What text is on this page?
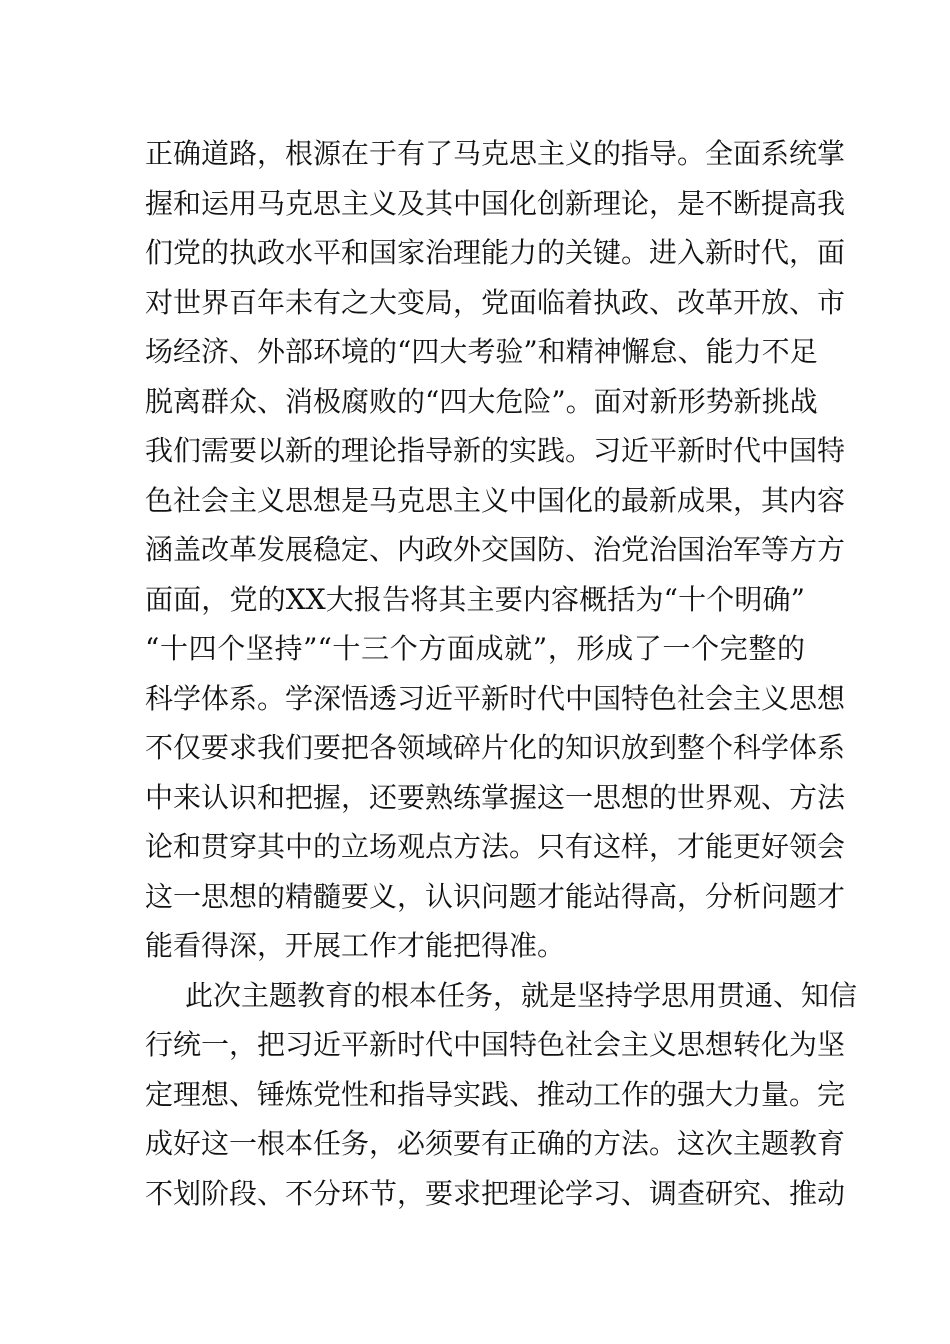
正确道路，根源在于有了马克思主义的指导。全面系统掌
握和运用马克思主义及其中国化创新理论，是不断提高我
们党的执政水平和国家治理能力的关键。进入新时代，面
对世界百年未有之大变局，党面临着执政、改革开放、市
场经济、外部环境的“四大考验”和精神懈怠、能力不足
脱离群众、消极腐败的“四大危险”。面对新形势新挑战
我们需要以新的理论指导新的实践。习近平新时代中国特
色社会主义思想是马克思主义中国化的最新成果，其内容
涵盖改革发展稳定、内政外交国防、治党治国治军等方方
面面，党的XX大报告将其主要内容概括为“十个明确”
“十四个坚持”“十三个方面成就”，形成了一个完整的
科学体系。学深悟透习近平新时代中国特色社会主义思想
不仅要求我们要把各领域碎片化的知识放到整个科学体系
中来认识和把握，还要熟练掌握这一思想的世界观、方法
论和贯穿其中的立场观点方法。只有这样，才能更好领会
这一思想的精髓要义，认识问题才能站得高，分析问题才
能看得深，开展工作才能把得准。
此次主题教育的根本任务，就是坚持学思用贯通、知信
行统一，把习近平新时代中国特色社会主义思想转化为坚
定理想、锤炼党性和指导实践、推动工作的强大力量。完
成好这一根本任务，必须要有正确的方法。这次主题教育
不划阶段、不分环节，要求把理论学习、调查研究、推动
